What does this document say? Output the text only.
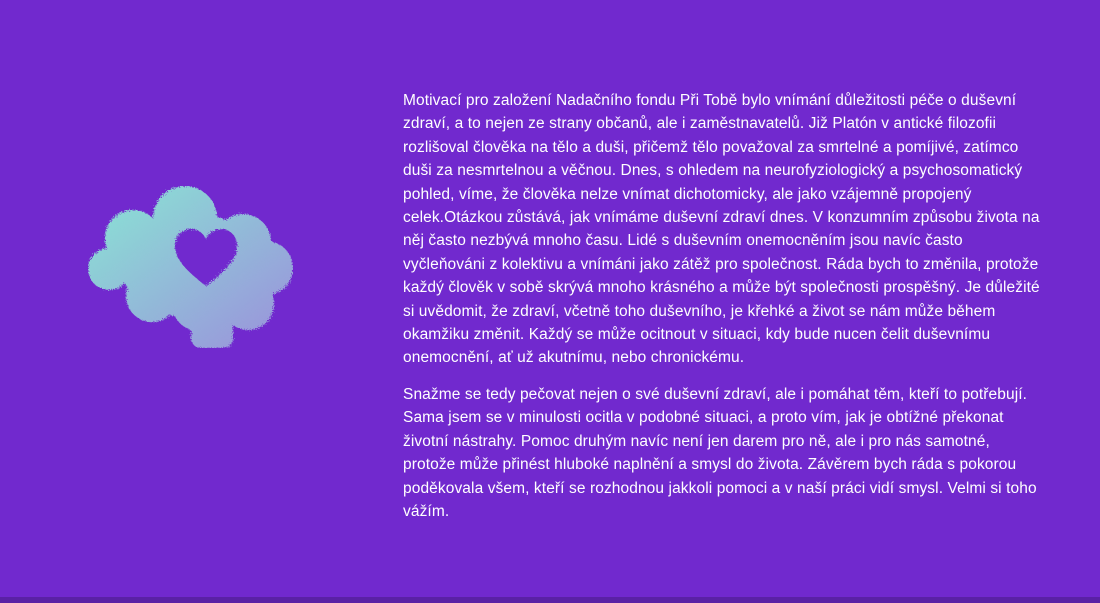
Motivací pro založení Nadačního fondu Při Tobě bylo vnímání důležitosti péče o duševní zdraví, a to nejen ze strany občanů, ale i zaměstnavatelů. Již Platón v antické filozofii rozlišoval člověka na tělo a duši, přičemž tělo považoval za smrtelné a pomíjivé, zatímco duši za nesmrtelnou a věčnou. Dnes, s ohledem na neurofyziologický a psychosomatický pohled, víme, že člověka nelze vnímat dichotomicky, ale jako vzájemně propojený celek.Otázkou zůstává, jak vnímáme duševní zdraví dnes. V konzumním způsobu života na něj často nezbývá mnoho času. Lidé s duševním onemocněním jsou navíc často vyčleňováni z kolektivu a vnímáni jako zátěž pro společnost. Ráda bych to změnila, protože každý člověk v sobě skrývá mnoho krásného a může být společnosti prospěšný. Je důležité si uvědomit, že zdraví, včetně toho duševního, je křehké a život se nám může během okamžiku změnit. Každý se může ocitnout v situaci, kdy bude nucen čelit duševnímu onemocnění, ať už akutnímu, nebo chronickému.

Snažme se tedy pečovat nejen o své duševní zdraví, ale i pomáhat těm, kteří to potřebují. Sama jsem se v minulosti ocitla v podobné situaci, a proto vím, jak je obtížné překonat životní nástrahy. Pomoc druhým navíc není jen darem pro ně, ale i pro nás samotné, protože může přinést hluboké naplnění a smysl do života. Závěrem bych ráda s pokorou poděkovala všem, kteří se rozhodnou jakkoli pomoci a v naší práci vidí smysl. Velmi si toho vážím.
